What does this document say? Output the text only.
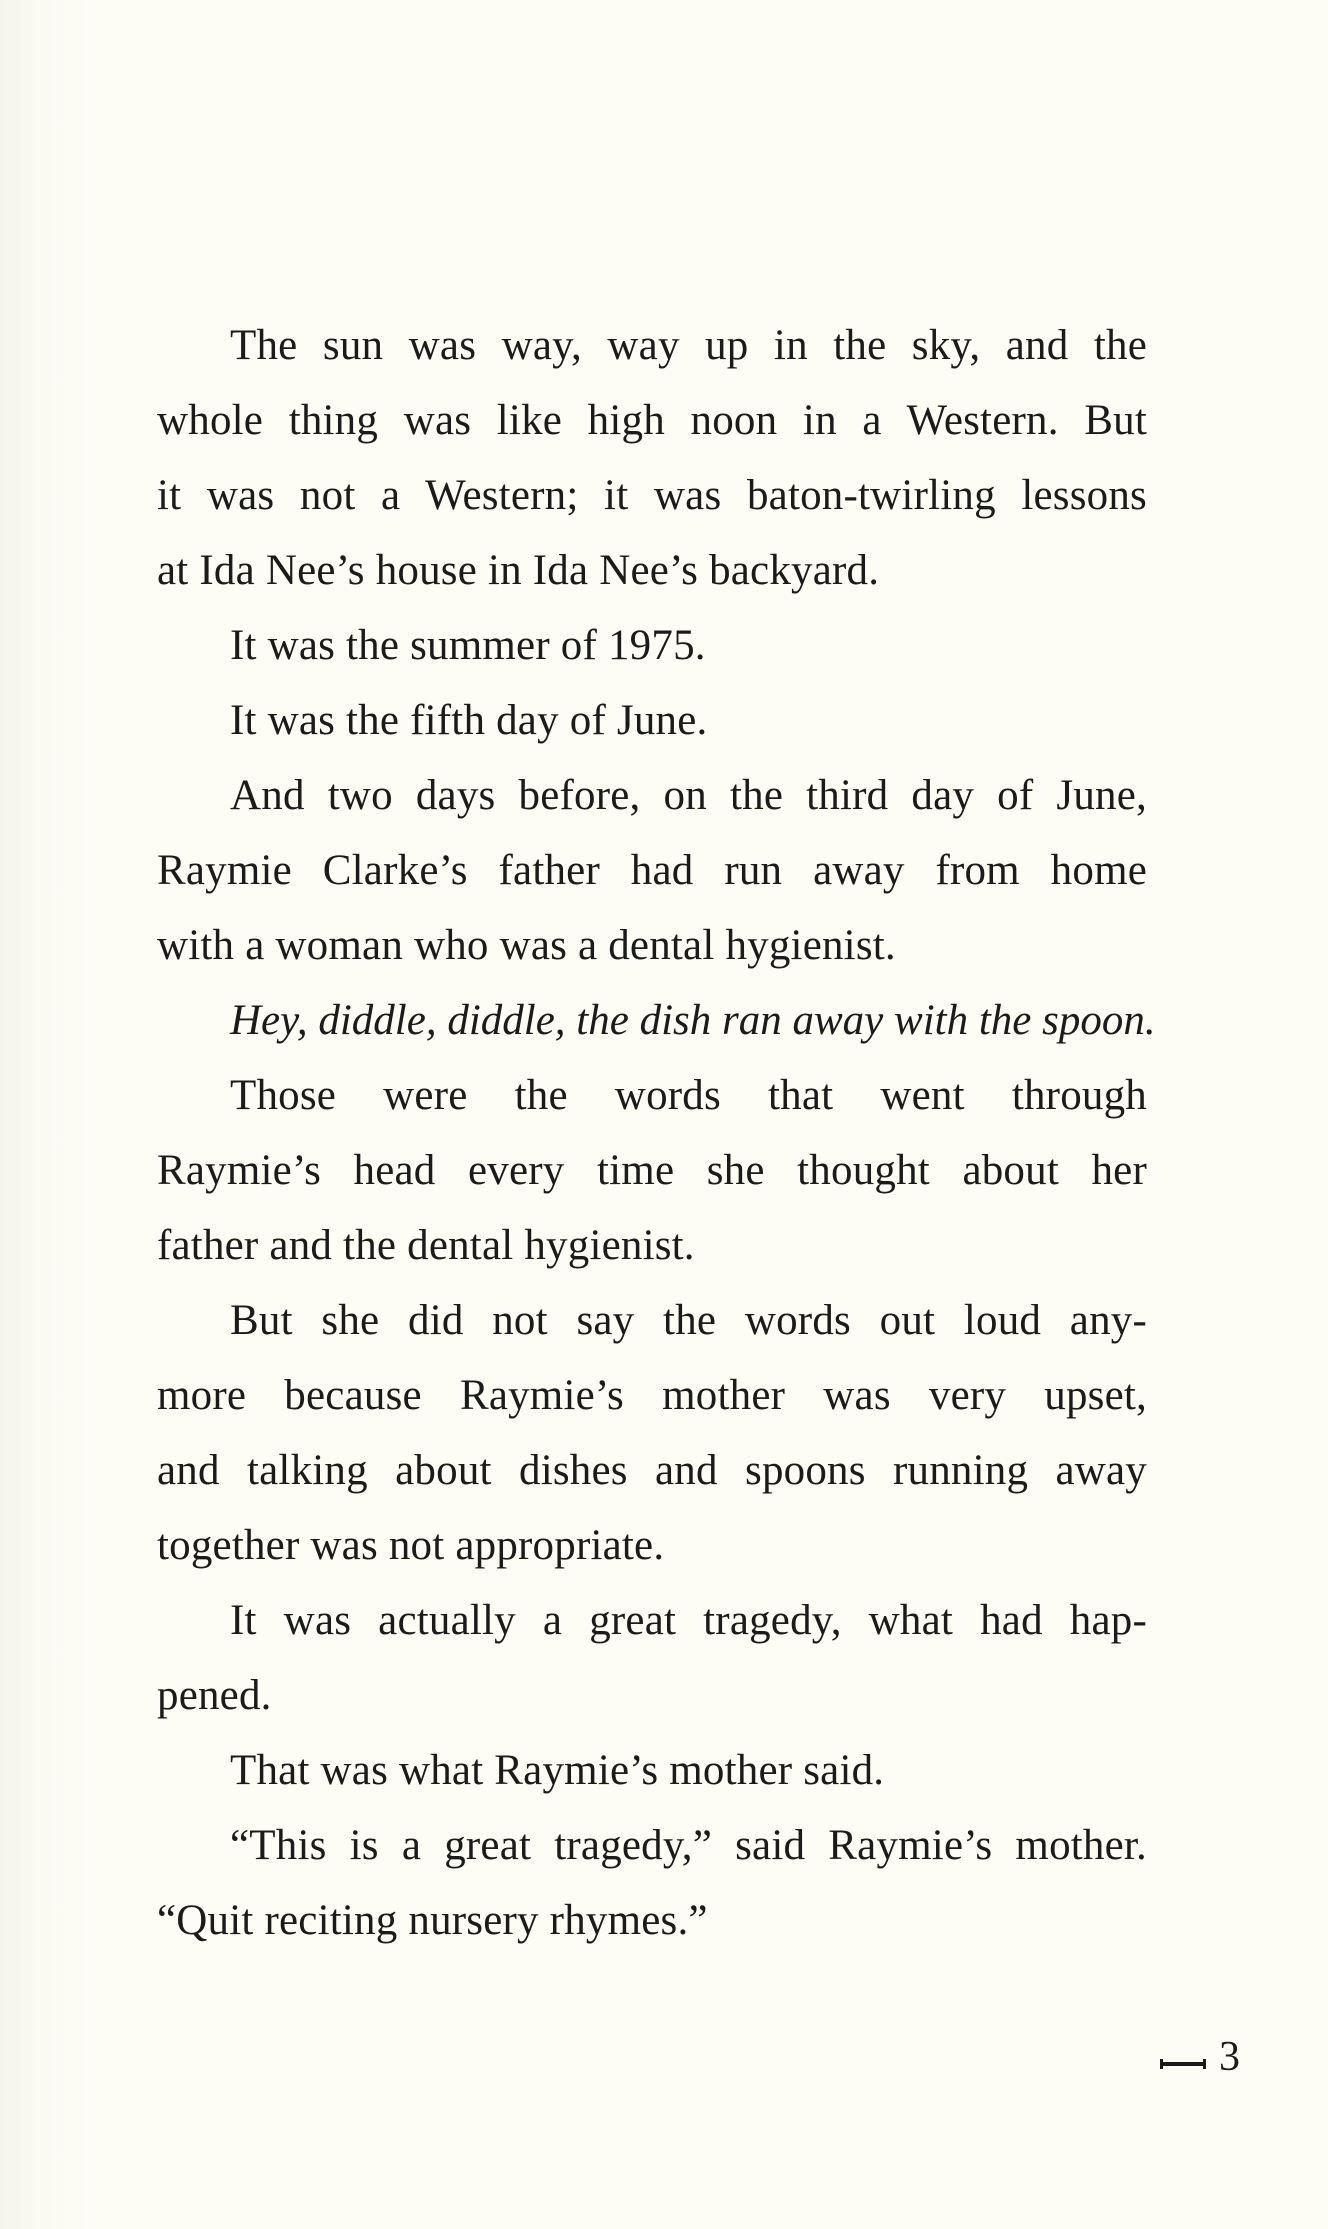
The sun was way, way up in the sky, and the

whole thing was like high noon in a Western. But

it was not a Western; it was baton-twirling lessons

at Ida Nee’s house in Ida Nee’s backyard.

It was the summer of 1975.

It was the fifth day of June.

And two days before, on the third day of June,

Raymie Clarke’s father had run away from home

with a woman who was a dental hygienist.

Hey, diddle, diddle, the dish ran away with the spoon.

Those were the words that went through

Raymie’s head every time she thought about her

father and the dental hygienist.

But she did not say the words out loud any-

more because Raymie’s mother was very upset,

and talking about dishes and spoons running away

together was not appropriate.

It was actually a great tragedy, what had hap-

pened.

That was what Raymie’s mother said.

“This is a great tragedy,” said Raymie’s mother.

“Quit reciting nursery rhymes.”

3
